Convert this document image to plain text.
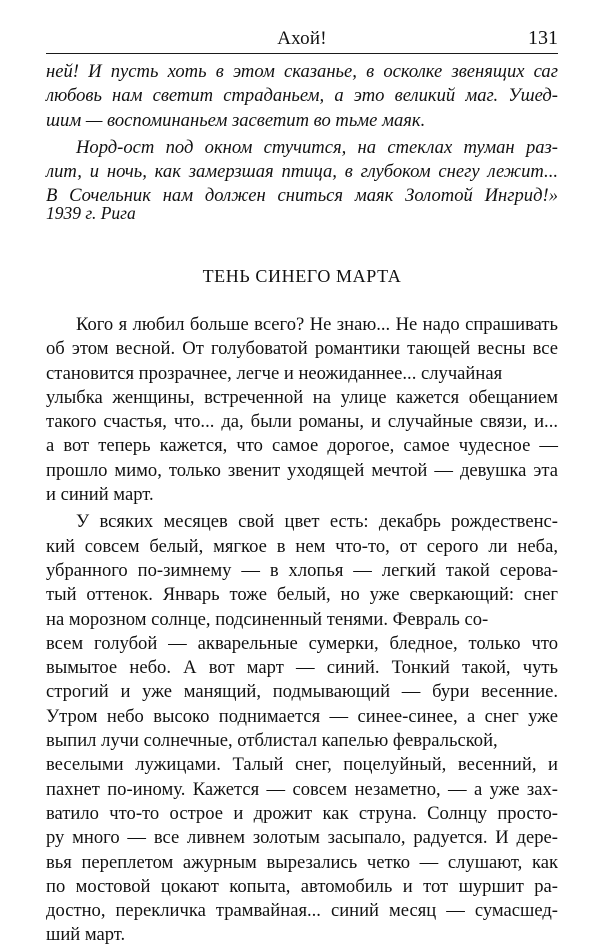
Ахой!	131

ней! И пусть хоть в этом сказанье, в осколке звенящих саг
любовь нам светит страданьем, а это великий маг. Ушед-
шим — воспоминаньем засветит во тьме маяк.

Норд-ост под окном стучится, на стеклах туман раз-
лит, и ночь, как замерзшая птица, в глубоком снегу лежит...
В Сочельник нам должен сниться маяк Золотой Ингрид!»

1939 г. Рига
ТЕНЬ СИНЕГО МАРТА
Кого я любил больше всего? Не знаю... Не надо спрашивать
об этом весной. От голубоватой романтики тающей весны все
становится прозрачнее, легче и неожиданнее... случайная
улыбка женщины, встреченной на улице кажется обещанием
такого счастья, что... да, были романы, и случайные связи, и...
а вот теперь кажется, что самое дорогое, самое чудесное —
прошло мимо, только звенит уходящей мечтой — девушка эта
и синий март.
У всяких месяцев свой цвет есть: декабрь рождественс-
кий совсем белый, мягкое в нем что-то, от серого ли неба,
убранного по-зимнему — в хлопья — легкий такой серова-
тый оттенок. Январь тоже белый, но уже сверкающий: снег
на морозном солнце, подсиненный тенями. Февраль со-
всем голубой — акварельные сумерки, бледное, только что
вымытое небо. А вот март — синий. Тонкий такой, чуть
строгий и уже манящий, подмывающий — бури весенние.
Утром небо высоко поднимается — синее-синее, а снег уже
выпил лучи солнечные, отблистал капелью февральской,
веселыми лужицами. Талый снег, поцелуйный, весенний, и
пахнет по-иному. Кажется — совсем незаметно, — а уже зах-
ватило что-то острое и дрожит как струна. Солнцу просто-
ру много — все ливнем золотым засыпало, радуется. И дере-
вья переплетом ажурным вырезались четко — слушают, как
по мостовой цокают копыта, автомобиль и тот шуршит ра-
достно, перекличка трамвайная... синий месяц — сумасшед-
ший март.
